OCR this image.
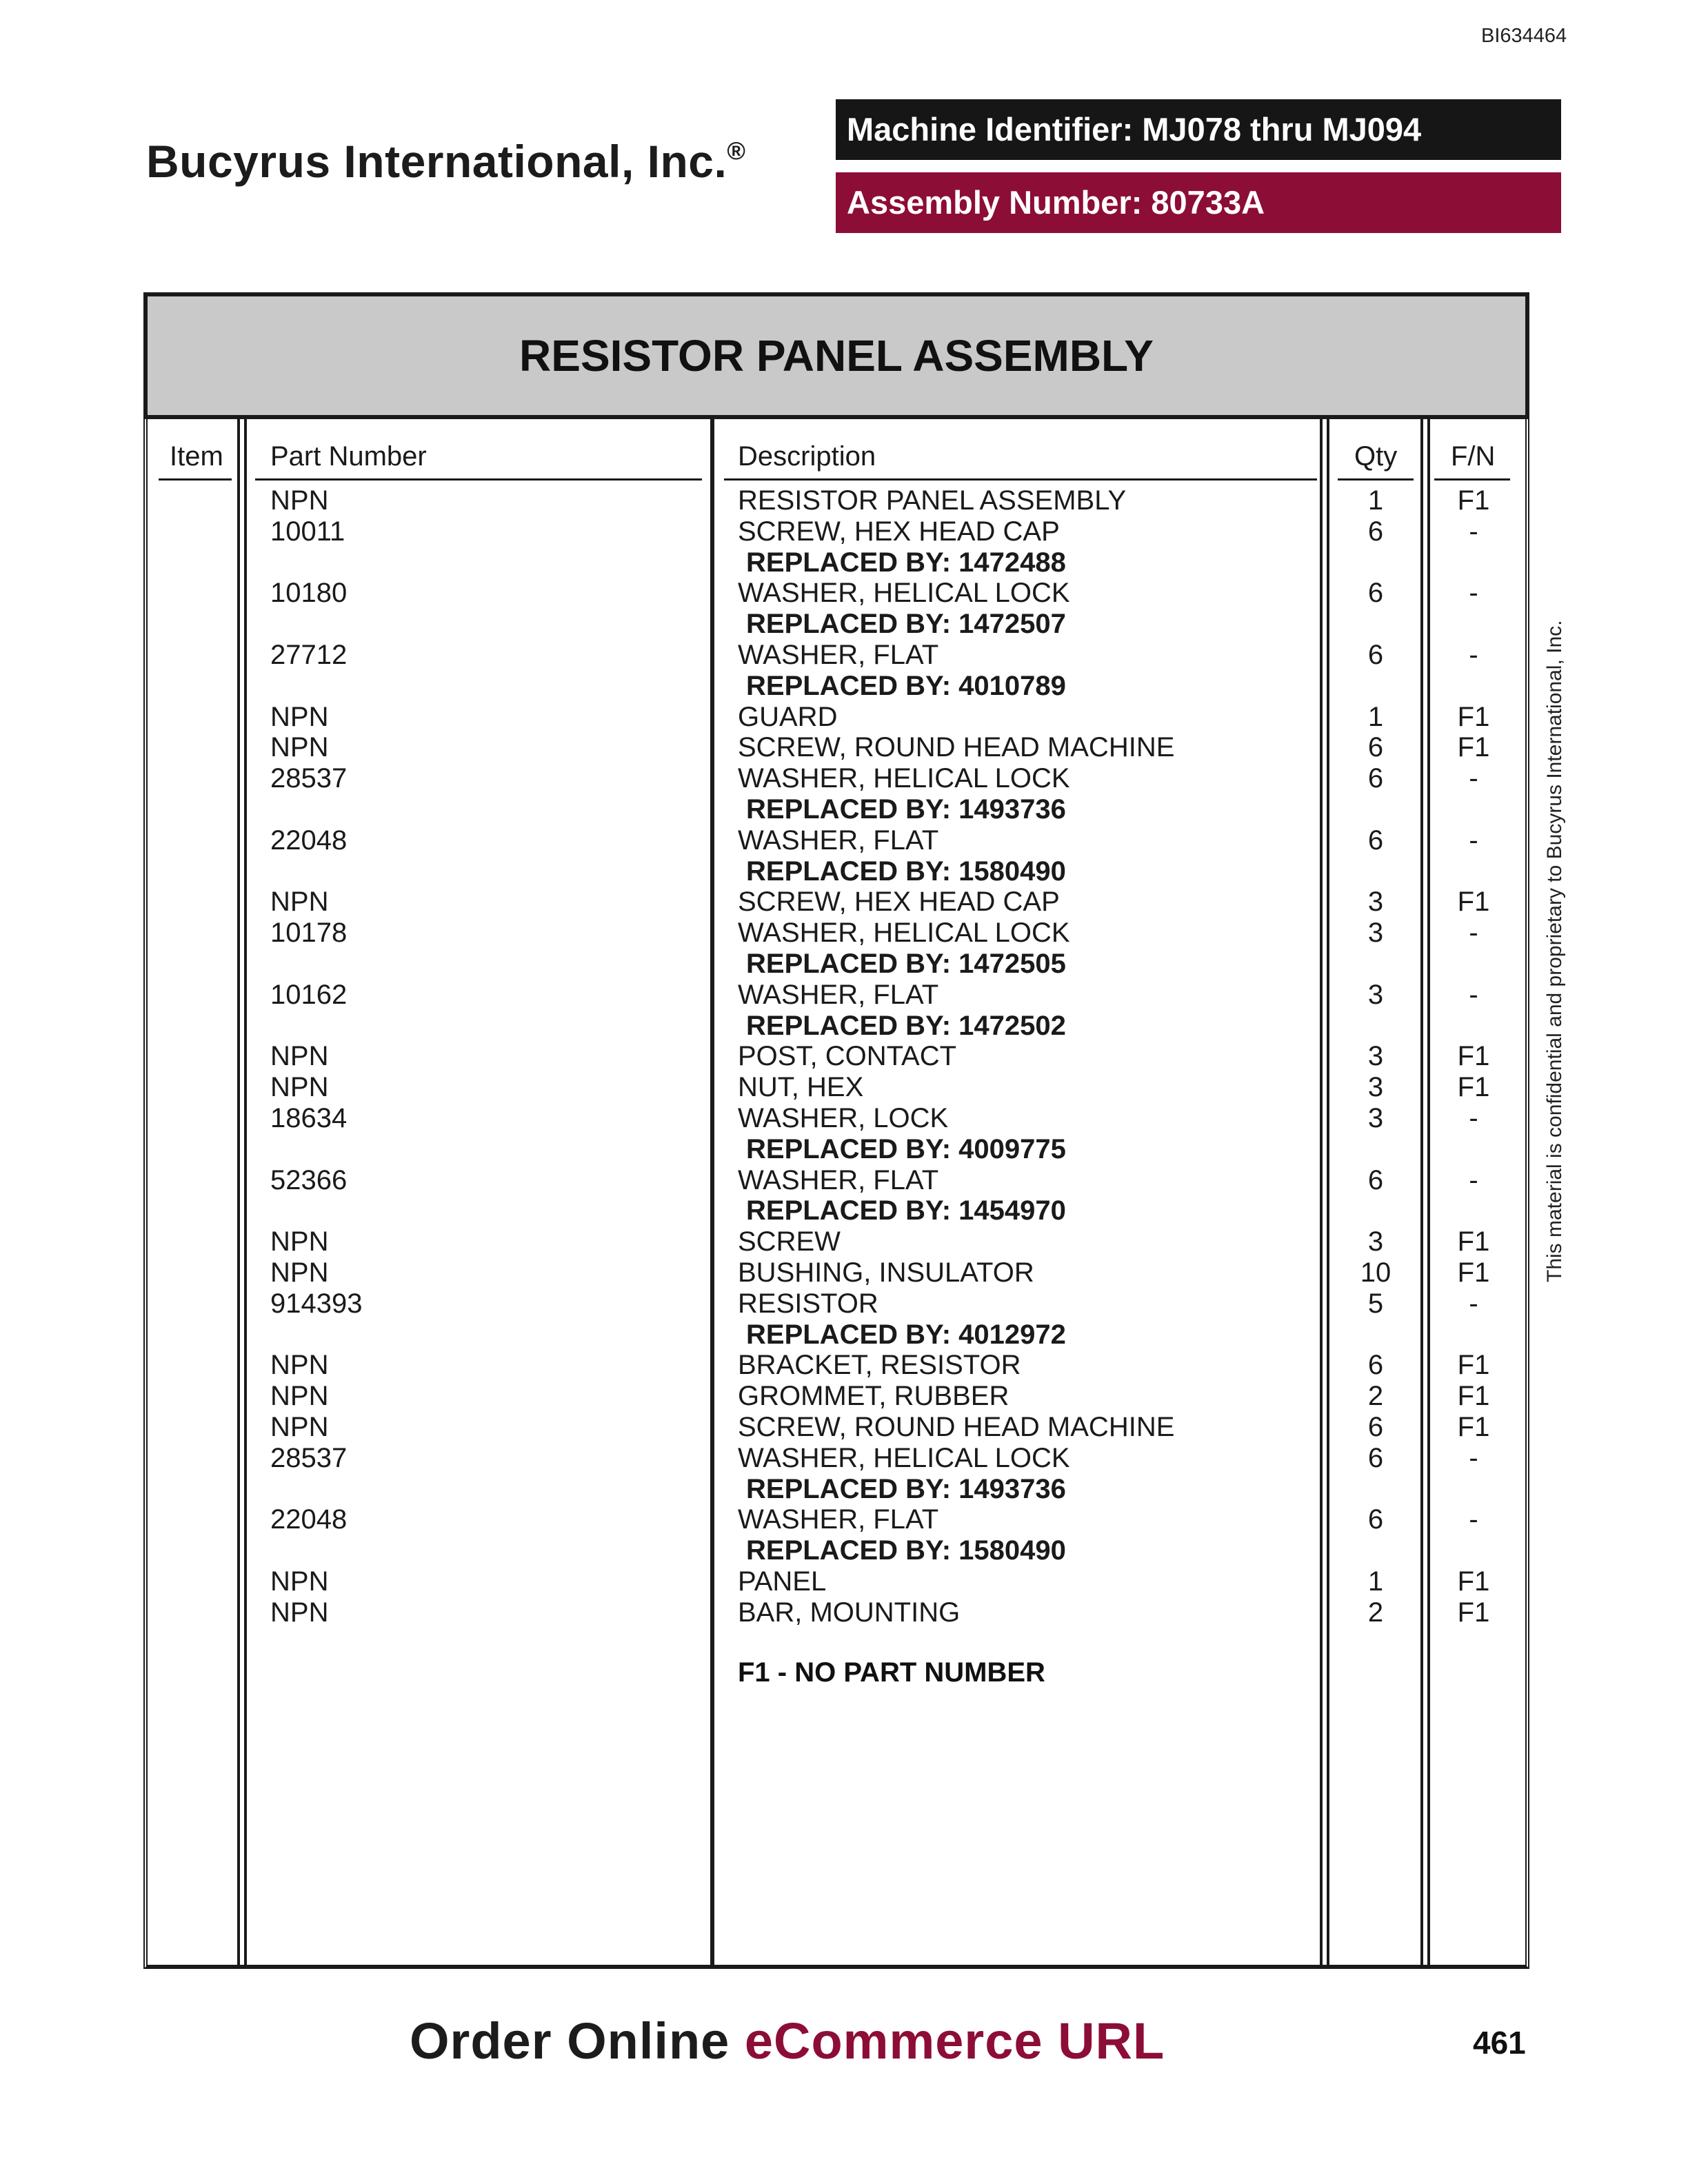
BI634464
Bucyrus International, Inc.®
Machine Identifier: MJ078 thru MJ094
Assembly Number: 80733A
RESISTOR PANEL ASSEMBLY
Item Part Number	Description	Qty F/N
NPN	RESISTOR PANEL ASSEMBLY	1	F1
10011	SCREW, HEX HEAD CAP	6	-
REPLACED BY: 1472488
10180	WASHER, HELICAL LOCK	6	-
REPLACED BY: 1472507
27712	WASHER, FLAT	6	-
REPLACED BY: 4010789
NPN	GUARD	1	F1
NPN	SCREW, ROUND HEAD MACHINE	6	F1
28537	WASHER, HELICAL LOCK	6	-
REPLACED BY: 1493736
22048	WASHER, FLAT	6	-
REPLACED BY: 1580490
NPN	SCREW, HEX HEAD CAP	3	F1
10178	WASHER, HELICAL LOCK	3	-
REPLACED BY: 1472505
10162	WASHER, FLAT	3	-
REPLACED BY: 1472502
NPN	POST, CONTACT	3	F1
NPN	NUT, HEX	3	F1
18634	WASHER, LOCK	3	-
REPLACED BY: 4009775
52366	WASHER, FLAT	6	-
REPLACED BY: 1454970
NPN	SCREW	3	F1
NPN	BUSHING, INSULATOR	10 F1
914393	RESISTOR	5	-
REPLACED BY: 4012972
NPN	BRACKET, RESISTOR	6	F1
NPN	GROMMET, RUBBER	2	F1
NPN	SCREW, ROUND HEAD MACHINE	6	F1
28537	WASHER, HELICAL LOCK	6	-
REPLACED BY: 1493736
22048	WASHER, FLAT	6	-
REPLACED BY: 1580490
NPN	PANEL	1	F1
NPN	BAR, MOUNTING	2	F1
F1 - NO PART NUMBER
This material is confidential and proprietary to Bucyrus International, Inc.
Order Online eCommerce URL	461
